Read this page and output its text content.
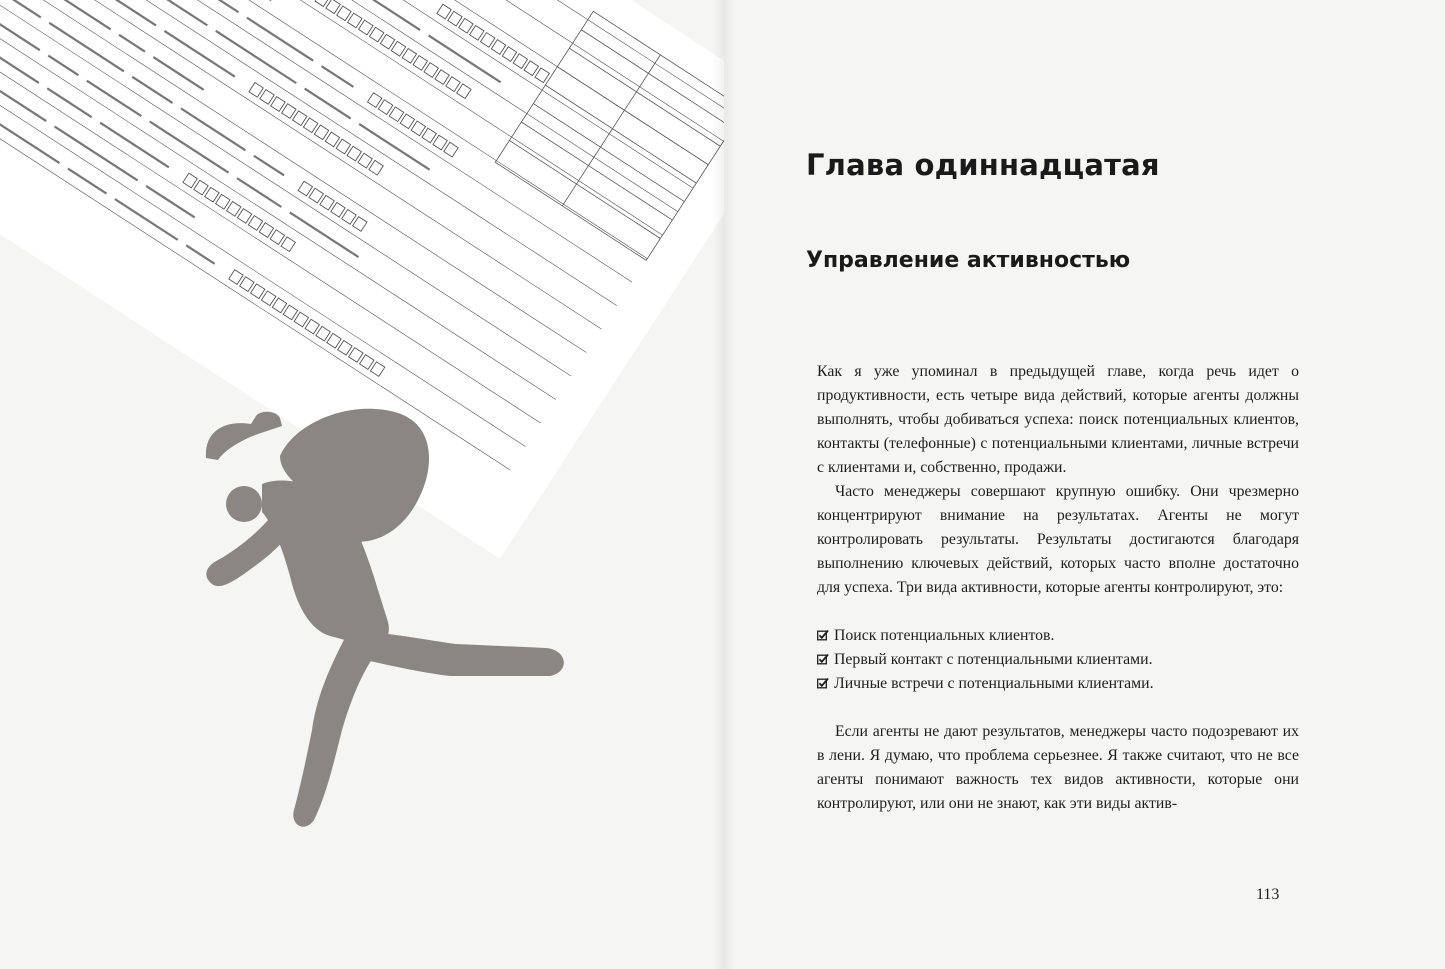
Глава одиннадцатая
Управление активностью

Как я уже упоминал в предыдущей главе, когда речь идет о продуктивности, есть четыре вида действий, которые агенты должны выполнять, чтобы добиваться успеха: поиск потенциальных клиентов, контакты (телефонные) с потенциальными клиентами, личные встречи с клиентами и, собственно, продажи.

Часто менеджеры совершают крупную ошибку. Они чрезмерно концентрируют внимание на результатах. Агенты не могут контролировать результаты. Результаты достигаются благодаря выполнению ключевых действий, которых часто вполне достаточно для успеха. Три вида активности, которые агенты контролируют, это:

Поиск потенциальных клиентов.
Первый контакт с потенциальными клиентами.
Личные встречи с потенциальными клиентами.

Если агенты не дают результатов, менеджеры часто подозревают их в лени. Я думаю, что проблема серьезнее. Я также считают, что не все агенты понимают важность тех видов активности, которые они контролируют, или они не знают, как эти виды актив-

113
